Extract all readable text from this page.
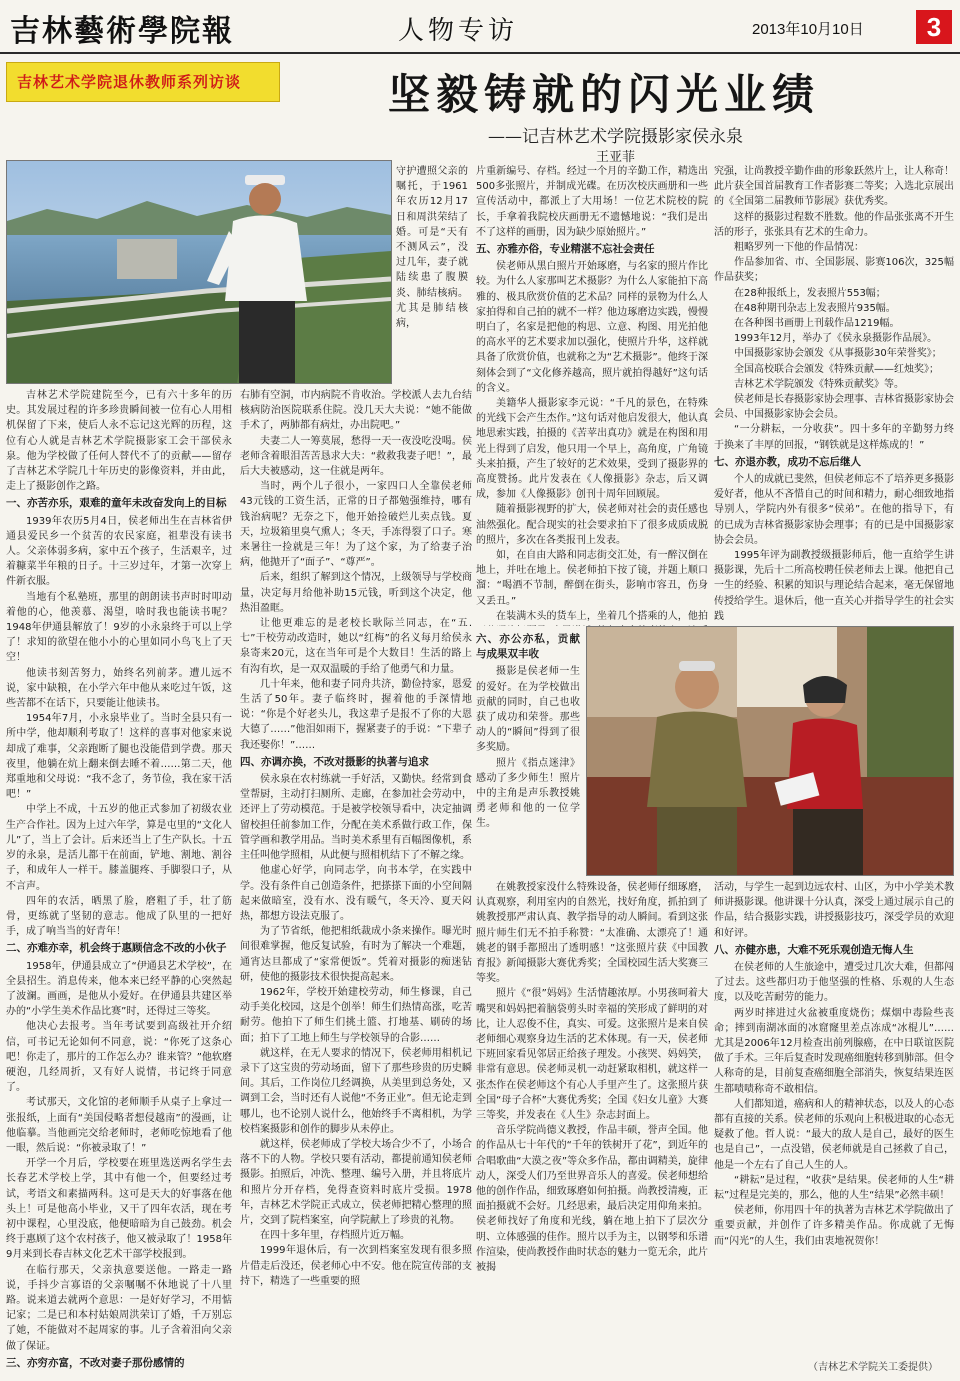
吉林藝術學院報	人物专访	2013年10月10日	3
吉林艺术学院退休教师系列访谈	坚毅铸就的闪光业绩
——记吉林艺术学院摄影家侯永泉
王亚菲

守护遭照父亲的嘱托，于1961年农历12月17日和周洪荣结了婚。可是“天有不测风云”，没过几年，妻子就陆续患了腹膜炎、肺结核病。尤其是肺结核病，

吉林艺术学院建院至今，已有六十多年的历史。其发展过程的许多珍贵瞬间被一位有心人用相机保留了下来，使后人永不忘记这光辉的历程，这位有心人就是吉林艺术学院摄影家工会干部侯永泉。他为学校做了任何人替代不了的贡献——留存了吉林艺术学院几十年历史的影像资料，并由此，走上了摄影创作之路。

一、亦苦亦乐，艰难的童年未改奋发向上的目标

1939年农历5月4日，侯老师出生在吉林省伊通县爱民乡一个贫苦的农民家庭，祖辈没有读书人。父亲体弱多病，家中五个孩子，生活艰辛，过着糠菜半年粮的日子。十三岁过年，才第一次穿上件新衣服。

当地有个私塾班，那里的朗朗读书声时时叩动着他的心，他羡慕、渴望，啥时我也能读书呢？1948年伊通县解放了！9岁的小永泉终于可以上学了！求知的欲望在他小小的心里如同小鸟飞上了天空！

他读书刻苦努力，始终名列前茅。遭儿远不说，家中缺粮，在小学六年中他从来吃过午饭，这些苦都不在话下，只要能让他读书。

1954年7月，小永泉毕业了。当时全县只有一所中学，他却顺利考取了！这样的喜事对他家来说却成了难事，父亲跑断了腿也没能借到学费。那天夜里，他躺在炕上翻来倒去睡不着……第二天，他郑重地和父母说：“我不念了，务节俭，我在家干活吧！”

中学上不成，十五岁的他正式参加了初级农业生产合作社。因为上过六年学，算是屯里的“文化人儿”了，当上了会计。后来还当上了生产队长。十五岁的永泉，是活儿都干在前面，铲地、割地、割谷子，和成年人一样干。膝盖腿疼、手脚裂口子，从不言声。

四年的农活，晒黑了脸，磨粗了手，壮了筋骨，更练就了坚韧的意志。他成了队里的一把好手，成了响当当的好青年！

二、亦难亦幸，机会终于惠顾信念不改的小伙子

1958年，伊通县成立了“伊通县艺术学校”，在全县招生。消息传来，他本来已经平静的心突然起了波澜。画画，是他从小爱好。在伊通县共建区举办的“小学生美术作品比赛”时，还得过三等奖。

他决心去报考。当年考试要到高级社开介绍信，可书记无论如何不同意，说：“你死了这条心吧！你走了，那片的工作怎么办？谁来管？”他软磨硬泡，几经周折，又有好人说情，书记终于同意了。

考试那天，文化馆的老师顺手从桌子上拿过一张报纸，上面有“美国侵略者想侵越南”的漫画，让他临摹。当他画完交给老师时，老师吃惊地看了他一眼，然后说：“你被录取了！”

开学一个月后，学校要在班里选送两名学生去长春艺术学校上学，其中有他一个，但要经过考试，考语文和素描两科。这可是天大的好事落在他头上！可是他高小毕业，又干了四年农活，现在考初中课程，心里没底，他便暗暗为自己鼓劲。机会终于惠顾了这个农村孩子，他又被录取了！1958年9月来到长春吉林文化艺术干部学校报到。

在临行那天，父亲执意要送他。一路走一路说，手抖少言寡语的父亲嘱嘱不休地说了十八里路。说来道去就两个意思：一是好好学习，不用惦记家；二是已和本村姑娘周洪荣订了婚，千万别忘了她，不能做对不起周家的事。儿子含着泪向父亲做了保证。

三、亦穷亦富，不改对妻子那份感情的

右肺有空洞，市内病院不肯收治。学校派人去九台结核病防治医院联系住院。没几天大夫说：“她不能做手术了，两肺都有病灶，办出院吧。”

夫妻二人一筹莫展，愁得一天一夜没吃没喝。侯老师含着眼泪苦苦恳求大夫：“救救我妻子吧！”，最后大夫被感动，这一住就是两年。

当时，两个儿子很小，一家四口人全靠侯老师43元钱的工资生活，正常的日子都勉强维持，哪有钱治病呢？无奈之下，他开始捡破烂儿卖点钱。夏天，垃圾箱里臭气熏人；冬天，手冻得裂了口子。寒来暑往一捡就是三年！为了这个家，为了给妻子治病，他抛开了“面子”、“尊严”。

后来，组织了解到这个情况，上级领导与学校商量，决定每月给他补助15元钱，听到这个决定，他热泪盈眶。

让他更难忘的是老校长耿际兰同志，在“五.七”干校劳动改造时，她以“红梅”的名义每月给侯永泉寄来20元，这在当年可是个大数目！生活的路上有沟有坎，是一双双温暖的手给了他勇气和力量。

几十年来，他和妻子同舟共济，勤俭持家，恩爱生活了50年。妻子临终时，握着他的手深情地说：“你是个好老头儿，我这辈子是报不了你的大恩大德了……”他泪如雨下，握紧妻子的手说：“下辈子我还娶你！”……

四、亦调亦换，不改对摄影的执著与追求

侯永泉在农村练就一手好活，又勤快。经常到食堂帮厨，主动打扫厕所、走廊，在参加社会劳动中，还评上了劳动模范。于是被学校领导看中，决定抽调留校担任前参加工作，分配在美术系做行政工作，保管学画和教学用品。当时美术系里有百幅图像机，系主任叫他学照相，从此便与照相机结下了不解之缘。

他虚心好学，向同志学，向书本学，在实践中学。没有条件自己创造条件，把搽搽下面的小空间隔起来做暗室，没有水、没有暖气，冬天冷、夏天闷热，都想方设法克服了。

为了节省纸，他把相纸裁成小条来操作。曝光时间很难掌握，他反复试验，有时为了解决一个难题，通宵达旦都成了“家常便饭”。凭着对摄影的痴迷钻研，使他的摄影技术很快提高起来。

1962年，学校开始建校劳动，师生修课，自己动手美化校园，这是个创举！师生们热情高涨，吃苦耐劳。他拍下了师生们挑土篮、打地基、刷砖的场面；拍下了工地上师生与学校领导的合影……

就这样，在无人要求的情况下，侯老师用相机记录下了这宝贵的劳动场面，留下了那些珍贵的历史瞬间。其后，工作岗位几经调换，从美里到总务处，又调到工会，当时还有人说他“不务正业”。但无论走到哪儿，也不论别人说什么，他始终手不离相机，为学校档案摄影和创作的脚步从未停止。

就这样，侯老师成了学校大场合少不了，小场合落不下的人物。学校只要有活动，都提前通知侯老师摄影。拍照后，冲洗、整理、编号入册，并且将底片和照片分开存档，免得查资料时底片受损。1978年，吉林艺术学院正式成立，侯老师把精心整理的照片，交到了院档案室，向学院献上了珍贵的礼物。

在四十多年里，存档照片近万幅。

1999年退休后，有一次到档案室发现有很多照片借走后没还，侯老师心中不安。他在院宣传部的支持下，精选了一些重要的照

片重新编号、存档。经过一个月的辛勤工作，精选出500多张照片，并制成光碟。在历次校庆画册和一些宣传活动中，都派上了大用场！一位艺术院校的院长，手拿着我院校庆画册无不遗憾地说：“我们是出不了这样的画册，因为缺少原始照片。”

五、亦雅亦俗，专业精湛不忘社会责任

侯老师从黑白照片开始琢磨，与名家的照片作比较。为什么人家那叫艺术摄影？为什么人家能拍下高雅的、极具欣赏价值的艺术品？同样的景物为什么人家拍得和自己拍的就不一样？他边琢磨边实践，慢慢明白了，名家是把他的构思、立意、构图、用光拍他的高水平的艺术要求加以强化，使照片升华，这样就具备了欣赏价值，也就称之为“艺术摄影”。他终于深刻体会到了“文化修养越高，照片就拍得越好”这句话的含义。

美籍华人摄影家李元说：“千凡的景色，在特殊的光线下会产生杰作。”这句话对他启发很大，他认真地思索实践，拍摄的《苦苹出真功》就是在构图和用光上得到了启发，他只用一个早上，高角度，广角镜头来拍摄，产生了较好的艺术效果，受到了摄影界的高度赞扬。此片发表在《人像摄影》杂志，后又调成，参加《人像摄影》创刊十周年回顾展。

随着摄影视野的扩大，侯老师对社会的责任感也油然强化。配合现实的社会要求拍下了很多成质成脱的照片，多次在各类报刊上发表。

如，在自由大路和同志街交汇处，有一醉汉倒在地上，并吐在地上。侯老师拍下按了镜，并题上顺口溜：“喝酒不节制，醉倒在街头，影响市容丑，伤身又丢丑。”

在装满木头的货车上，坐着几个搭乘的人，他拍

六、亦公亦私，贡献与成果双丰收

摄影是侯老师一生的爱好。在为学校做出贡献的同时，自己也收获了成功和荣誉。那些动人的“瞬间”得到了很多奖励。

照片《指点迷津》感动了多少师生！照片中的主角是声乐教授姚勇老师和他的一位学生。

在姚教授家没什么特殊设备，侯老师仔细琢磨，认真观察，利用室内的自然光，找好角度，抓拍到了姚教授那严肃认真、教学指导的动人瞬间。看到这张照片师生们无不拍手称赞：“太准确、太漂亮了！通姚老的钢手都照出了透明感！”这张照片获《中国教育报》新闻摄影大赛优秀奖；全国校园生活大奖赛三等奖。

照片《“很”妈妈》生活情趣浓厚。小男孩呵着大嘴哭和妈妈把着脑袋剪头时幸福的笑形成了鲜明的对比，让人忍俊不住，真实、可爱。这张照片是来自侯老师细心观察身边生活的艺术体现。有一天，侯老师下班回家看见邻居正给孩子理发。小孩哭、妈妈笑，非常有意思。侯老师灵机一动赶紧取相机，就这样一张杰作在侯老师这个有心人手里产生了。这张照片获全国“母子合杯”大赛优秀奖；全国《妇女儿童》大赛三等奖，并发表在《人生》杂志封面上。

音乐学院尚德义教授，作品丰硕，誉声全国。他的作品从七十年代的“千年的铁树开了花”，到近年的合唱歌曲“大漠之夜”等众多作品，都由调精美，旋律动人，深受人们乃至世界音乐人的喜爱。侯老师想给他的创作作品，细致琢磨如何拍摄。尚教授清瘦，正面拍摄就不会好。几经思索，最后决定用仰角来拍。侯老师找好了角度和光线，躺在地上拍下了层次分明、立体感强的佳作。照片以手为主，以钢琴和乐谱作渲染，使尚教授作曲时状态的魅力一览无余，此片被揭

究强，让尚教授辛勤作曲的形象跃然片上，让人称奇！此片获全国首届教育工作者影赛二等奖；入选北京展出的《全国第二届教师节影展》获优秀奖。

这样的摄影过程数不胜数。他的作品张张离不开生活的形子，张张具有艺术的生命力。

粗略罗列一下他的作品情况：

作品参加省、市、全国影展、影赛106次，325幅作品获奖；

在28种报纸上，发表照片553幅；

在48种期刊杂志上发表照片935幅。

在各种图书画册上刊载作品1219幅。

1993年12月，举办了《侯永泉摄影作品展》。

中国摄影家协会颁发《从事摄影30年荣誉奖》；

全国高校联合会颁发《特殊贡献——红烛奖》；

吉林艺术学院颁发《特殊贡献奖》等。

侯老师是长春摄影家协会理事、吉林省摄影家协会会员、中国摄影家协会会员。

“一分耕耘，一分收获”。四十多年的辛勤努力终于换来了丰厚的回报，“钢铁就是这样炼成的！”

七、亦退亦教，成功不忘后继人

个人的成就已斐然，但侯老师忘不了培养更多摄影爱好者，他从不吝惜自己的时间和精力，耐心细致地指导别人，学院内外有很多“侯弟”。在他的指导下，有的已成为吉林省摄影家协会理事；有的已是中国摄影家协会会员。

1995年评为副教授级摄影师后，他一直给学生讲摄影课，先后十二所高校聘任侯老师去上课。他把自己一生的经验、积累的知识与理论结合起来，毫无保留地传授给学生。退休后，他一直关心并指导学生的社会实践

活动，与学生一起到边远农村、山区，为中小学美术教师讲摄影课。他讲课十分认真，深受上通过展示自己的作品，结合摄影实践，讲授摄影技巧，深受学员的欢迎和好评。

八、亦健亦患，大难不死乐观创造无悔人生

在侯老师的人生旅途中，遭受过几次大难，但都闯了过去。这些都归功于他坚强的性格、乐观的人生态度，以及吃苦耐劳的能力。

两岁时摔进过火盆被重度烧伤；煤烟中毒险些丧命；摔到南湖冰面的冰窟窿里差点冻成“冰棍儿”……尤其是2006年12月检查出前列腺癌，在中日联谊医院做了手术。三年后复查时发现癌细胞转移到肺部。但令人称奇的是，目前复查癌细胞全部消失，恢复结果连医生都啧啧称奇不敢相信。

人们都知道，癌病和人的精神状态，以及人的心态都有直接的关系。侯老师的乐观向上积极进取的心态无疑救了他。哲人说：“最大的敌人是自己，最好的医生也是自己”，一点没错，侯老师就是自己拯救了自己，他是一个左右了自己人生的人。

“耕耘”是过程，“收获”是结果。侯老师的人生“耕耘”过程是完美的，那么，他的人生“结果”必然丰硕！

侯老师，你用四十年的执著为吉林艺术学院做出了重要贡献，并创作了许多精美作品。你成就了无悔而“闪光”的人生，我们由衷地祝贺你！

（吉林艺术学院关工委提供）
